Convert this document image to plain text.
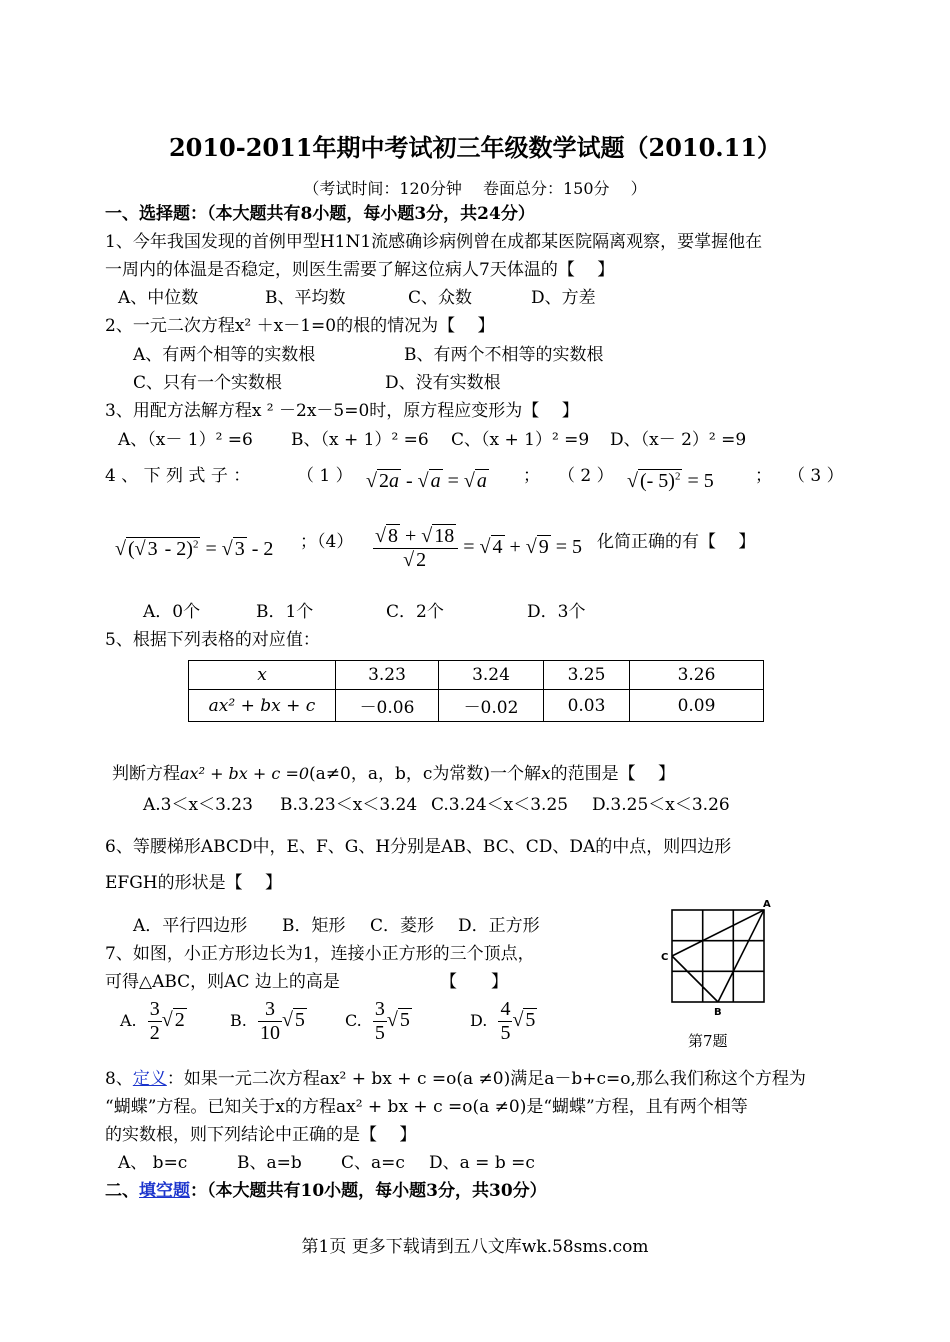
2010-2011年期中考试初三年级数学试题（2010.11）
（考试时间：120分钟　 卷面总分：150分　 ）
一、选择题：（本大题共有8小题，每小题3分，共24分）
1、今年我国发现的首例甲型H1N1流感确诊病例曾在成都某医院隔离观察，要掌握他在
一周内的体温是否稳定，则医生需要了解这位病人7天体温的【　 】
A、中位数	B、平均数	C、众数	D、方差
2、一元二次方程x² ＋x－1=0的根的情况为【　 】
A、有两个相等的实数根	B、有两个不相等的实数根
C、只有一个实数根	D、没有实数根
3、用配方法解方程x ² －2x－5=0时，原方程应变形为【　 】
A、（x－ 1）² =6 B、（x + 1）² =6 C、（x + 1）² =9 D、（x－ 2）² =9
4 、 下 列 式 子 ：	（ 1 ） √ 2a - √ a = √ a ； （ 2 ） √ (- 5)$^2$ = 5 ； （ 3 ）
√ (√ 3 - 2)$^2$ = √ 3 - 2 ；$(4) \frac{√ 8 + √ 18}{√ 2}$ = √ 4 + √ 9 = 5 化简正确的有【　 】
A．0个	B．1个	C．2个	D．3个
5、根据下列表格的对应值：
x	3.23	3.24	3.25	3.26
ax² + bx + c	－0.06	－0.02	0.03	0.09
判断方程ax² + bx + c =0(a≠0，a，b，c为常数)一个解x的范围是【　 】
A.3＜x＜3.23 B.3.23＜x＜3.24 C.3.24＜x＜3.25 D.3.25＜x＜3.26
6、等腰梯形ABCD中，E、F、G、H分别是AB、BC、CD、DA的中点，则四边形
EFGH的形状是【　 】
A．平行四边形 B．矩形 C．菱形 D．正方形
7、如图，小正方形边长为1，连接小正方形的三个顶点，
可得△ABC，则AC 边上的高是	【　　】
A. $\frac{3}{2}$ √ 2	B. $\frac{3}{10}$ √ 5	C. $\frac{3}{5}$ √ 5	D. $\frac{4}{5}$ √ 5
A
C
B
第7题
8、定义：如果一元二次方程ax² + bx + c =o(a ≠0)满足a－b+c=o,那么我们称这个方程为
“蝴蝶”方程。已知关于x的方程ax² + bx + c =o(a ≠0)是“蝴蝶”方程，且有两个相等
的实数根，则下列结论中正确的是【　 】
A、 b=c	B、a=b C、a=c D、a = b =c
二、填空题：（本大题共有10小题，每小题3分，共30分）
第1页 更多下载请到五八文库wk.58sms.com
